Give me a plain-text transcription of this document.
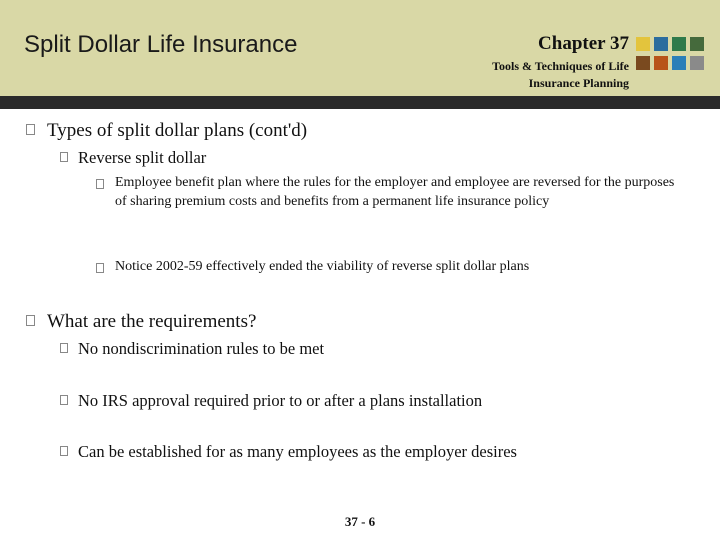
Split Dollar Life Insurance	Chapter 37
Tools & Techniques of Life
Insurance Planning
Types of split dollar plans (cont'd)
Reverse split dollar
Employee benefit plan where the rules for the employer and employee are reversed for the purposes of sharing premium costs and benefits from a permanent life insurance policy
Notice 2002-59 effectively ended the viability of reverse split dollar plans
What are the requirements?
No nondiscrimination rules to be met
No IRS approval required prior to or after a plans installation
Can be established for as many employees as the employer desires
37 - 6
